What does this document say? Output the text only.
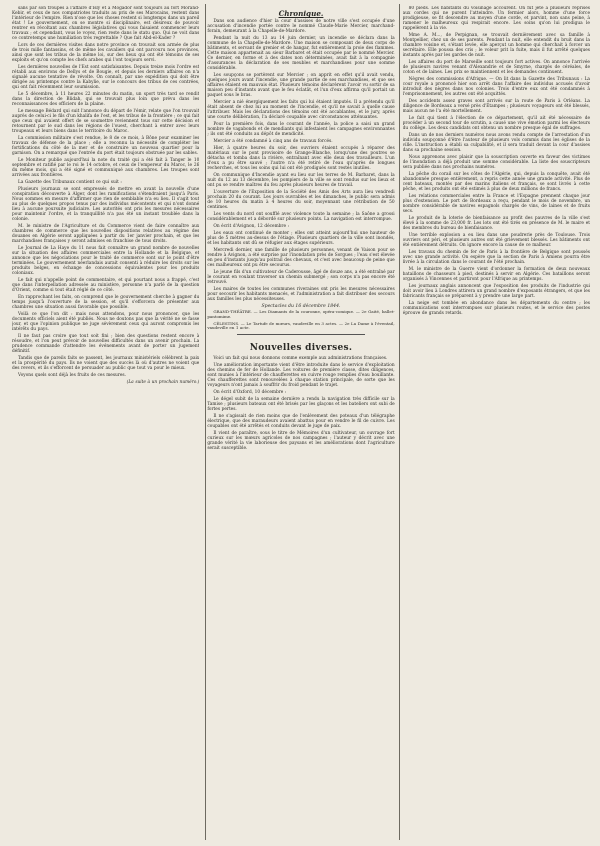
sans par son troupes à l'affaire d'Isly et à Mogador sont toujours au fort Morand-Kebir, et ceux de nos compatriotes traduits au prix de ses Marocains, restent dans l'intérieur de l'empire. Rien n'ose que les choses restent si longtemps dans un pareil état ! Le gouvernement, on se montre si disciplinaire, est désireux de pouvoir rentrer en récoltant aux chambres législatives qui vous faisaient commencer leurs travaux ; et cependant, vous le voyez, rien reste dans le statu quo. Qui ne voit dans ce contretemps une humiliation très regrettable ? Que fait Abd-el-Kader ?

Lors de ces dernières visites dans notre province on trouvait son armée de plus de trois mille fantassins, et de même les cavaliers qui ont parcouru nos provinces, ainsi que sont les tribus de la même loi, sur des lieux qui ont été témoins de ses exploits et qu'on compte les chefs arabes qui l'ont toujours servi.

Les dernières nouvelles de l'Est sont satisfaisantes. Depuis treize mois l'ordre est rétabli aux environs de Dellys et de Bougie, et depuis les derniers affaires on n'a signalé aucune tentative de révolte. On connaît, par une expédition qui doit être dirigée au printemps contre la Kabylie, sur le concours des tribus de ces contrées, qui ont fait récemment leur soumission.

Le 5 décembre, à 11 heures 22 minutes du matin, un sport très tard se rendit dans la direction de Blidah, qui se trouvait plus loin que prévu dans les reconnaissances des officiers de la plaine.

Le message Bédard qui suit l'annonce du départ de l'émir, relate que l'on trouvait auprès de celui-ci le fils d'un khalifa de l'est, et les tribus de la frontière ; ce qui fait que ceux qui avaient offert de se soumettre reviennent tous sur cette décision et retournent par le sud dans les régions de l'ouest, cherchant à entrer avec leurs troupeaux et leurs biens dans le territoire du Maroc.

La commission militaire s'est rendue, le 8 de ce mois, à Bône pour examiner les travaux de défense de la place ; elle a reconnu la nécessité de compléter les fortifications du côté de la mer et de construire un nouveau quartier pour la garnison. On a remarqué que l'entrée du port était toujours obstruée par les sables.

Le Moniteur publie aujourd'hui la note du traité qui a été fait à Tanger le 10 septembre et ratifié par le roi le 14 octobre, et ceux de l'empereur du Maroc, le 26 du même mois, qui a été signé et communiqué aux chambres. Les troupes sont arrivées aux frontières.

La Gazette des Tribunaux contient ce qui suit :

Plusieurs journaux se sont empressés de mettre en avant la nouvelle d'une conspiration découverte à Alger, dont les ramifications s'étendraient jusqu'à Paris. Nous sommes en mesure d'affirmer que rien de semblable n'a eu lieu. Il s'agit tout au plus de quelques propos tenus par des individus mécontents et qui n'ont donné lieu à aucune poursuite judiciaire. Les autorités ont pris les mesures nécessaires pour maintenir l'ordre, et la tranquillité n'a pas été un instant troublée dans la colonie.

M. le ministre de l'Agriculture et du Commerce vient de faire connaître aux chambres de commerce que les nouvelles dispositions relatives au régime des douanes en Algérie seront appliquées à partir du 1er janvier prochain, et que les marchandises françaises y seront admises en franchise de tous droits.

Le Journal de La Haye du 11 nous fait connaître un grand nombre de nouvelles sur la situation des affaires commerciales entre la Hollande et la Belgique, et annonce que les négociations pour le traité de commerce sont sur le point d'être terminées. Le gouvernement néerlandais aurait consenti à réduire les droits sur les produits belges, en échange de concessions équivalentes pour les produits coloniaux.

Le fait qui n'appelle point de commentaire, et qui pourtant nous a frappé, c'est que dans l'interpellation adressée au ministère, personne n'a parlé de la question d'Orient, comme si tout était réglé de ce côté.

En rapprochant les faits, on comprend que le gouvernement cherche à gagner du temps jusqu'à l'ouverture de la session, et qu'il s'efforcera de présenter aux chambres une situation aussi favorable que possible.

Voilà ce que l'on dit : mais nous attendons, pour nous prononcer, que les documents officiels aient été publiés. Nous ne doutons pas que la vérité ne se fasse jour, et que l'opinion publique ne juge sévèrement ceux qui auront compromis les intérêts du pays.

Il ne faut pas croire que tout soit fini ; bien des questions restent encore à résoudre, et l'on peut prévoir de nouvelles difficultés dans un avenir prochain. La prudence commande d'attendre les événements avant de porter un jugement définitif.

Tandis que de pareils faits se passent, les journaux ministériels célèbrent la paix et la prospérité du pays. Ils ne voient que des succès là où d'autres ne voient que des revers, et ils s'efforcent de persuader au public que tout va pour le mieux.

Voyons quels sont déjà les fruits de ces mesures.

(La suite à un prochain numéro.)

Chronique.

Dans son audience d'hier la cour d'assises de notre ville s'est occupée d'une accusation d'incendie portée contre le nommé Claude-Marie Mercier, marchand-forain, demeurant à la Chapelle-de-Mardore.

Pendant la nuit du 13 au 14 juin dernier, un incendie se déclara dans la commune de la Chapelle-de-Mardore. Une maison se composant de deux corps de bâtiments, et servant de grenier et de hangar, fut entièrement la proie des flammes. Cette maison appartenait au sieur Barbaret et était occupée par le nommé Mercier. Ce dernier, en forme et à des dates non déterminées, avait fait à la compagnie d'assurances la déclaration de ses meubles et marchandises pour une somme considérable.

Les soupçons se portèrent sur Mercier ; on apprit en effet qu'il avait vendu, quelques jours avant l'incendie, une grande partie de ses marchandises, et que ses affaires étaient en mauvais état. Plusieurs témoins déclarèrent l'avoir vu sortir de sa maison peu d'instants avant que le feu éclatât, et l'un d'eux affirma qu'il portait un paquet sous le bras.

Mercier a nié énergiquement les faits qui lui étaient imputés. Il a prétendu qu'il était absent de chez lui au moment de l'incendie, et qu'il ne savait à quelle cause l'attribuer. Mais les déclarations des témoins ont été accablantes, et le jury, après une courte délibération, l'a déclaré coupable avec circonstances atténuantes.

Pour la première fois, dans le courant de l'année, la police a saisi un grand nombre de vagabonds et de mendiants qui infestaient les campagnes environnantes ; ils ont été conduits au dépôt de mendicité.

Mercier a été condamné à cinq ans de travaux forcés.

Hier, à quatre heures du soir, des ouvriers étaient occupés à réparer des matériaux sur le pont provisoire de Grange-Blanche, lorsqu'une des poutres se détacha et tomba dans la rivière, entraînant avec elle deux des travailleurs. L'un d'eux a pu être sauvé ; l'autre n'a été retiré de l'eau qu'après de longues recherches, et tous les soins qui lui ont été prodigués sont restés inutiles.

On communique d'Incendie ayant eu lieu sur les terres de M. Barbaret, dans la nuit du 12 au 13 décembre, les pompiers de la ville se sont rendus sur les lieux et ont pu se rendre maîtres du feu après plusieurs heures de travail.

L'ouverture de l'Exposition de la Société des Amis des Arts aura lieu vendredi prochain 20 du courant. Les jours ouvrables et les dimanches, le public sera admis de 10 heures du matin à 4 heures du soir, moyennant une rétribution de 50 centimes.

Les vents du nord ont soufflé avec violence toute la semaine ; la Saône a grossi considérablement et a débordé sur plusieurs points. La navigation est interrompue.

On écrit d'Avignon, 12 décembre :

Les eaux ont continué de monter ; elles ont atteint aujourd'hui une hauteur de plus de 5 mètres au-dessus de l'étiage. Plusieurs quartiers de la ville sont inondés, et les habitants ont dû se réfugier aux étages supérieurs.

Mercredi dernier, une famille de plusieurs personnes, venant de Vaison pour se rendre à Avignon, a été surprise par l'inondation près de Sorgues ; l'eau s'est élevée en peu d'instants jusqu'au poitrail des chevaux, et c'est avec beaucoup de peine que ces malheureux ont pu être secourus.

Le jeune fils d'un cultivateur de Caderousse, âgé de douze ans, a été entraîné par le courant en voulant traverser un chemin submergé ; son corps n'a pas encore été retrouvé.

Les maires de toutes les communes riveraines ont pris les mesures nécessaires pour secourir les habitants menacés, et l'administration a fait distribuer des secours aux familles les plus nécessiteuses.

Spectacles du 16 décembre 1844.

GRAND-THÉÂTRE. — Les Diamants de la couronne, opéra-comique. — 2e Gaité, ballet-pantomime.

CÉLESTINS. — Le Tartufe de mœurs, vaudeville en 3 actes. — 2e La Dame à l'éventail, vaudeville en 1 acte.

Nouvelles diverses.

Voici un fait qui nous donnons comme exemple aux administrations françaises.

Une amélioration importante vient d'être introduite dans le service d'exploitation des chemins de fer de Hollande. Les voitures de première classe, dites diligences, sont munies à l'intérieur de chaufferettes en cuivre rouge remplies d'eau bouillante. Ces chaufferettes sont renouvelées à chaque station principale, de sorte que les voyageurs n'ont jamais à souffrir du froid pendant le trajet.

On écrit d'Oxford, 10 décembre :

Le dégel subit de la semaine dernière a rendu la navigation très difficile sur la Tamise ; plusieurs bateaux ont été brisés par les glaçons et les bateliers ont subi de fortes pertes.

Il ne s'agissait de rien moins que de l'enlèvement des poteaux d'un télégraphe électrique, que des maraudeurs avaient abattus pour en vendre le fil de cuivre. Les coupables ont été arrêtés et conduits devant le juge de paix.

Il vient de paraître, sous le titre de Mémoires d'un cultivateur, un ouvrage fort curieux sur les mœurs agricoles de nos campagnes ; l'auteur y décrit avec une grande vérité la vie laborieuse des paysans et les améliorations dont l'agriculture serait susceptible.

80 pieds. Les habitants du voisinage accourent. On fut jeté à plusieurs reprises aux cordes qui ne purent l'atteindre. Un fermier alors, homme d'une force prodigieuse, se fit descendre au moyen d'une corde, et parvint, non sans peine, à ramener le malheureux qui respirait encore. Les soins qu'on lui prodigua le rappelèrent à la vie.

Mme A. M..., de Perpignan, se trouvait dernièrement avec sa famille à Montpellier, chez un de ses parents. Pendant la nuit, elle entendit du bruit dans la chambre voisine et, s'étant levée, elle aperçut un homme qui cherchait à forcer un secrétaire. Elle poussa des cris ; le voleur prit la fuite, mais il fut arrêté quelques instants après par les gardes de nuit.

Les affaires du port de Marseille sont toujours fort actives. On annonce l'arrivée de plusieurs navires venant d'Alexandrie et de Smyrne, chargés de céréales, de coton et de laines. Les prix se maintiennent et les demandes continuent.

Nègres des commissions d'Afrique. — On lit dans la Gazette des Tribunaux : La cour royale a prononcé hier son arrêt dans l'affaire des individus accusés d'avoir introduit des nègres dans nos colonies. Trois d'entre eux ont été condamnés à l'emprisonnement, les autres ont été acquittés.

Des accidents assez graves sont arrivés sur la route de Paris à Orléans. La diligence de Bordeaux a versé près d'Étampes ; plusieurs voyageurs ont été blessés, mais aucun ne l'a été mortellement.

Le fait qui tient à l'élection de ce département, qu'il ait été nécessaire de procéder à un second tour de scrutin, a causé une vive émotion parmi les électeurs du collège. Les deux candidats ont obtenu un nombre presque égal de suffrages.

Dans un de nos derniers numéros nous avons rendu compte de l'arrestation d'un individu soupçonné d'être l'auteur de plusieurs vols commis dans les églises de la ville. L'instruction a établi sa culpabilité, et il sera traduit devant la cour d'assises dans sa prochaine session.

Nous apprenons avec plaisir que la souscription ouverte en faveur des victimes de l'inondation a déjà produit une somme considérable. La liste des souscripteurs sera publiée dans nos prochains numéros.

La pêche du corail sur les côtes de l'Algérie, qui, depuis la conquête, avait été abandonnée presque entièrement, a repris cette année une grande activité. Plus de cent bateaux, montés par des marins italiens et français, se sont livrés à cette pêche, et les produits ont été estimés à plus de deux millions de francs.

Les relations commerciales entre la France et l'Espagne prennent chaque jour plus d'extension. Le port de Bordeaux a reçu, pendant le mois de novembre, un nombre considérable de navires espagnols chargés de vins, de laines et de fruits secs.

Le produit de la loterie de bienfaisance au profit des pauvres de la ville s'est élevé à la somme de 23,000 fr. Les lots ont été tirés en présence de M. le maire et des membres du bureau de bienfaisance.

Une terrible explosion a eu lieu dans une poudrerie près de Toulouse. Trois ouvriers ont péri, et plusieurs autres ont été grièvement blessés. Les bâtiments ont été entièrement détruits. On ignore encore la cause de ce malheur.

Les travaux du chemin de fer de Paris à la frontière de Belgique sont poussés avec une grande activité. On espère que la section de Paris à Amiens pourra être livrée à la circulation dans le courant de l'été prochain.

M. le ministre de la Guerre vient d'ordonner la formation de deux nouveaux bataillons de chasseurs à pied, destinés à servir en Algérie. Ces bataillons seront organisés à Vincennes et partiront pour l'Afrique au printemps.

Les journaux anglais annoncent que l'exposition des produits de l'industrie qui doit avoir lieu à Londres attirera un grand nombre d'exposants étrangers, et que les fabricants français se préparent à y prendre une large part.

La neige est tombée en abondance dans les départements du centre ; les communications sont interrompues sur plusieurs routes, et le service des postes éprouve de grands retards.
